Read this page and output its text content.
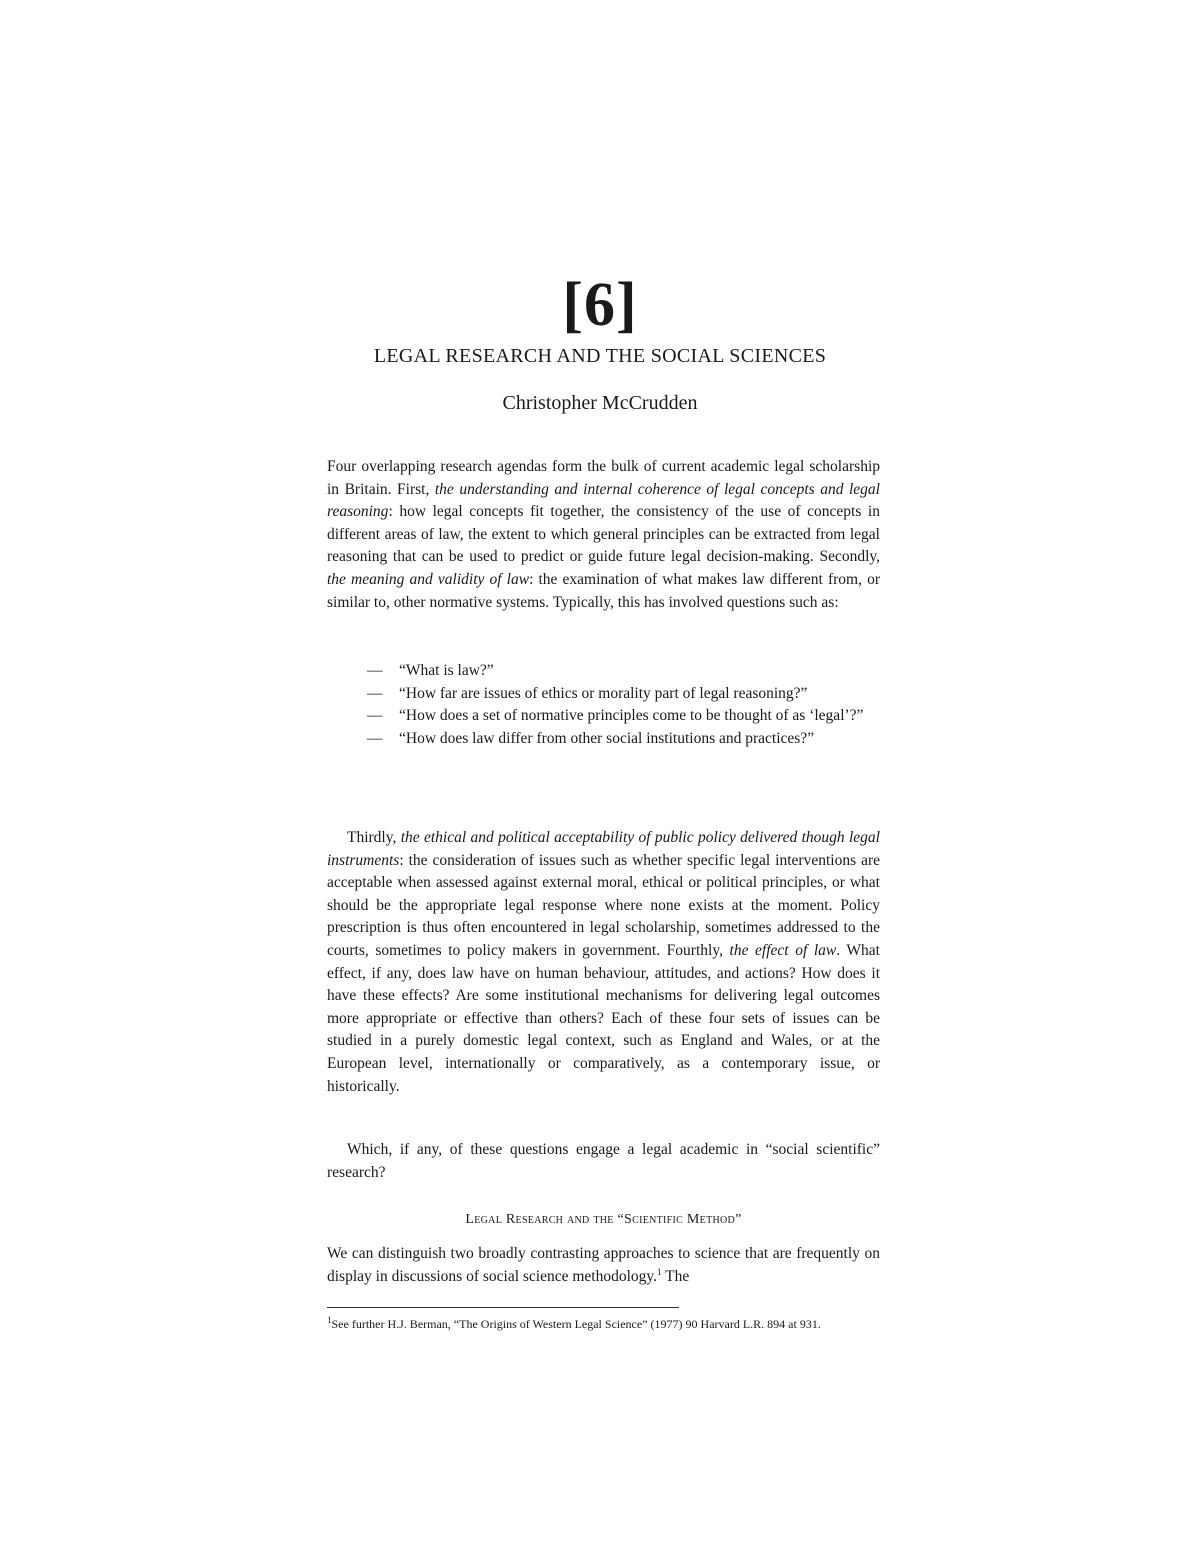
[6]
LEGAL RESEARCH AND THE SOCIAL SCIENCES
Christopher McCrudden

Four overlapping research agendas form the bulk of current academic legal scholarship in Britain. First, the understanding and internal coherence of legal concepts and legal reasoning: how legal concepts fit together, the consistency of the use of concepts in different areas of law, the extent to which general principles can be extracted from legal reasoning that can be used to predict or guide future legal decision-making. Secondly, the meaning and validity of law: the examination of what makes law different from, or similar to, other normative systems. Typically, this has involved questions such as:

— “What is law?”
— “How far are issues of ethics or morality part of legal reasoning?”
— “How does a set of normative principles come to be thought of as ‘legal’?”
— “How does law differ from other social institutions and practices?”

Thirdly, the ethical and political acceptability of public policy delivered though legal instruments: the consideration of issues such as whether specific legal interventions are acceptable when assessed against external moral, ethical or political principles, or what should be the appropriate legal response where none exists at the moment. Policy prescription is thus often encountered in legal scholarship, sometimes addressed to the courts, sometimes to policy makers in government. Fourthly, the effect of law. What effect, if any, does law have on human behaviour, attitudes, and actions? How does it have these effects? Are some institutional mechanisms for delivering legal outcomes more appropriate or effective than others? Each of these four sets of issues can be studied in a purely domestic legal context, such as England and Wales, or at the European level, internationally or comparatively, as a contemporary issue, or historically.

Which, if any, of these questions engage a legal academic in “social scientific” research?

Legal Research and the “Scientific Method”

We can distinguish two broadly contrasting approaches to science that are frequently on display in discussions of social science methodology.$^1$ The

$^1$See further H.J. Berman, “The Origins of Western Legal Science” (1977) 90 Harvard L.R. 894 at 931.
